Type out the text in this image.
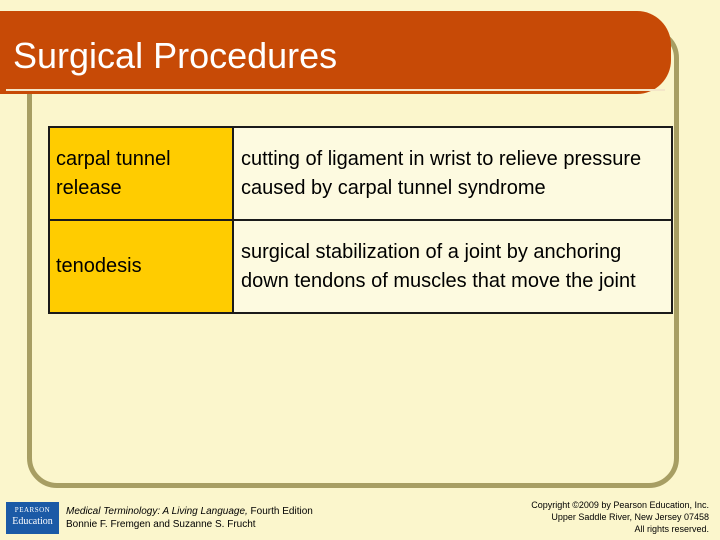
Surgical Procedures
carpal tunnel release	cutting of ligament in wrist to relieve pressure caused by carpal tunnel syndrome
tenodesis	surgical stabilization of a joint by anchoring down tendons of muscles that move the joint
PEARSON
Education
Medical Terminology: A Living Language, Fourth Edition
Bonnie F. Fremgen and Suzanne S. Frucht
Copyright ©2009 by Pearson Education, Inc.
Upper Saddle River, New Jersey 07458
All rights reserved.
